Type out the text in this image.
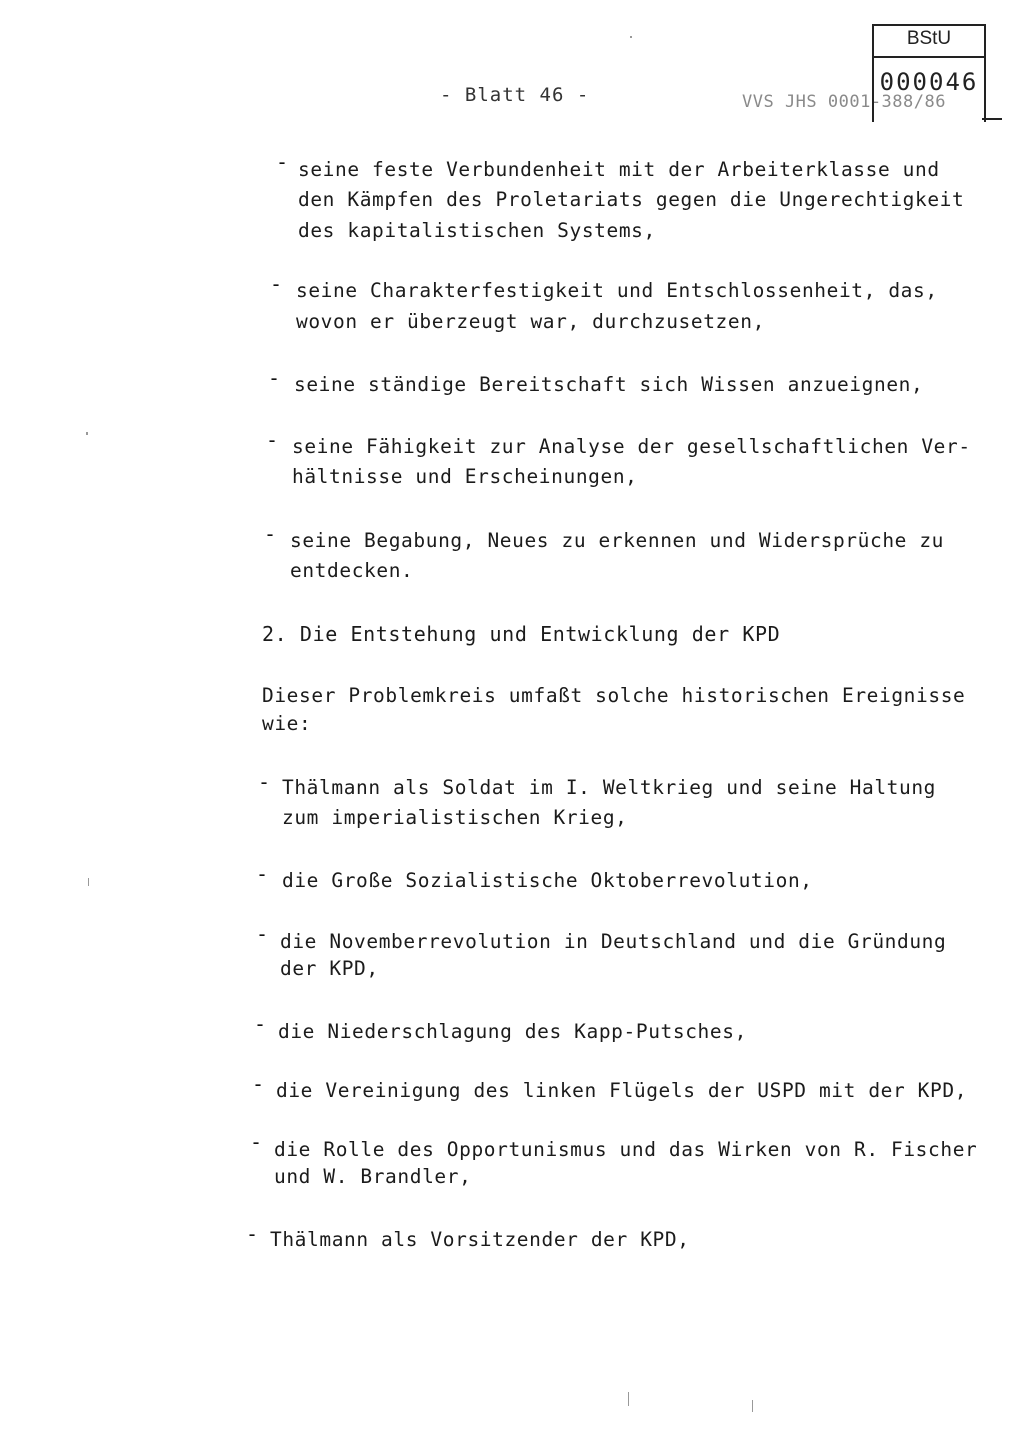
- Blatt 46 -	VVS JHS 0001-388/86
BStU
000046
- seine feste Verbundenheit mit der Arbeiterklasse und
den Kämpfen des Proletariats gegen die Ungerechtigkeit
des kapitalistischen Systems,
- seine Charakterfestigkeit und Entschlossenheit, das,
wovon er überzeugt war, durchzusetzen,
- seine ständige Bereitschaft sich Wissen anzueignen,
- seine Fähigkeit zur Analyse der gesellschaftlichen Ver-
hältnisse und Erscheinungen,
- seine Begabung, Neues zu erkennen und Widersprüche zu
entdecken.
2. Die Entstehung und Entwicklung der KPD
Dieser Problemkreis umfaßt solche historischen Ereignisse
wie:
- Thälmann als Soldat im I. Weltkrieg und seine Haltung
zum imperialistischen Krieg,
- die Große Sozialistische Oktoberrevolution,
- die Novemberrevolution in Deutschland und die Gründung
der KPD,
- die Niederschlagung des Kapp-Putsches,
- die Vereinigung des linken Flügels der USPD mit der KPD,
- die Rolle des Opportunismus und das Wirken von R. Fischer
und W. Brandler,
- Thälmann als Vorsitzender der KPD,
